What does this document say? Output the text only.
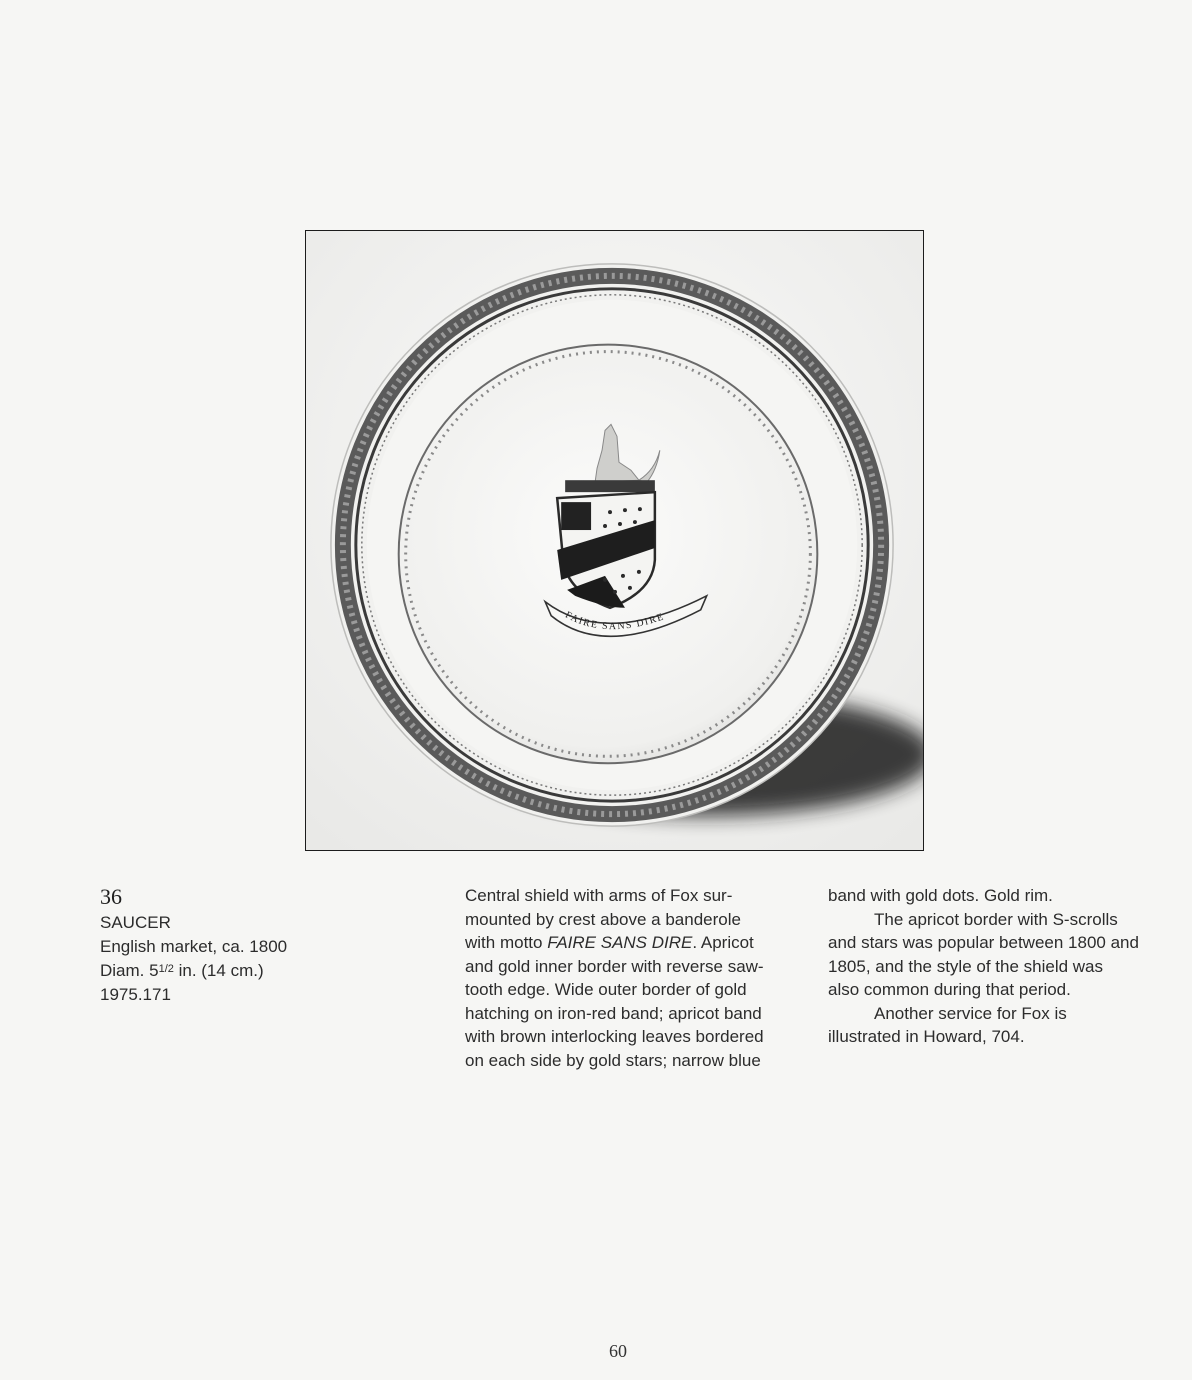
FAIRE SANS DIRE
36
SAUCER
English market, ca. 1800
Diam. $5^{1/2}$ in. (14 cm.)
1975.171
Central shield with arms of Fox sur-
mounted by crest above a banderole
with motto FAIRE SANS DIRE. Apricot
and gold inner border with reverse saw-
tooth edge. Wide outer border of gold
hatching on iron-red band; apricot band
with brown interlocking leaves bordered
on each side by gold stars; narrow blue
band with gold dots. Gold rim.
The apricot border with S-scrolls
and stars was popular between 1800 and
1805, and the style of the shield was
also common during that period.
Another service for Fox is
illustrated in Howard, 704.
60
